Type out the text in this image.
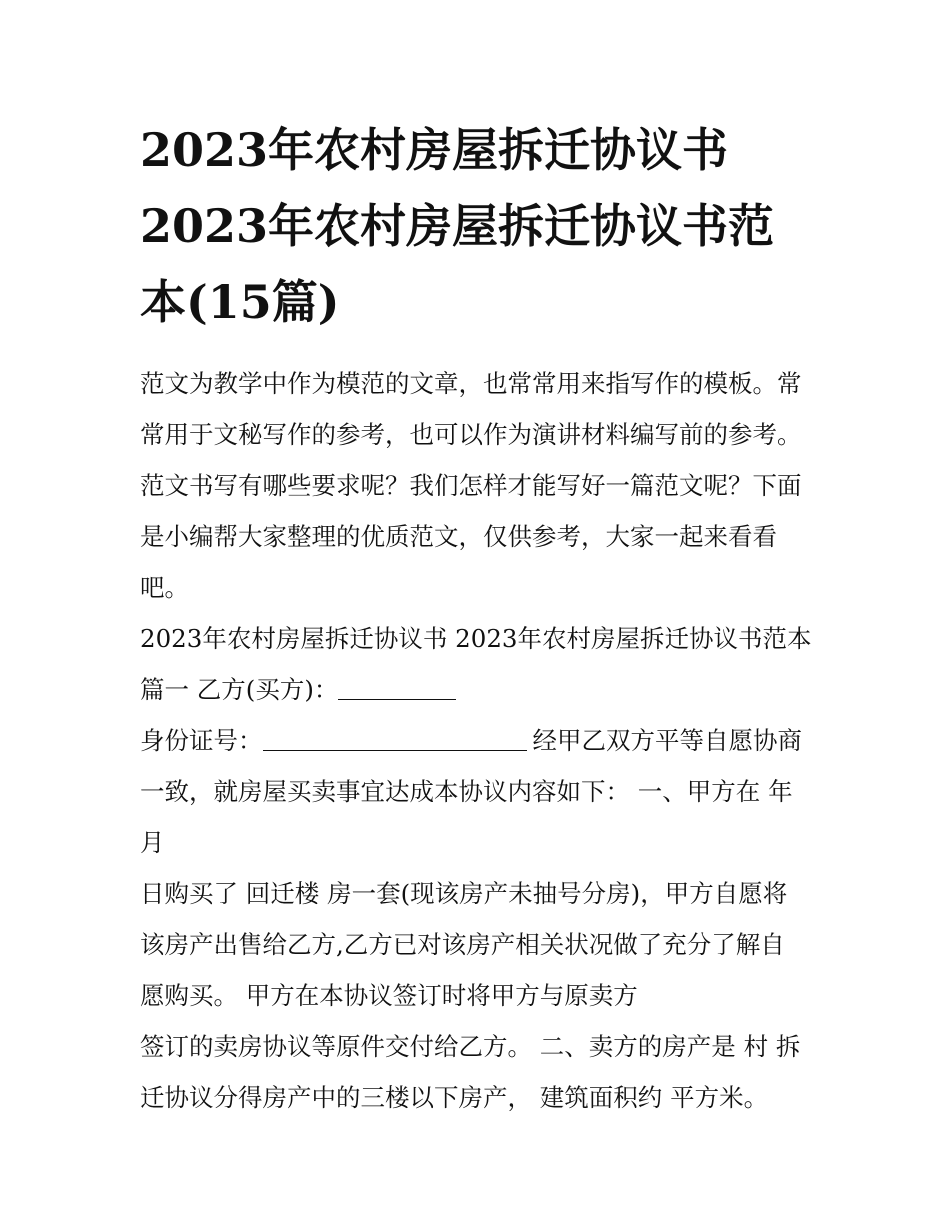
2023年农村房屋拆迁协议书
2023年农村房屋拆迁协议书范
本(15篇)
范文为教学中作为模范的文章，也常常用来指写作的模板。常
常用于文秘写作的参考，也可以作为演讲材料编写前的参考。
范文书写有哪些要求呢？我们怎样才能写好一篇范文呢？下面
是小编帮大家整理的优质范文，仅供参考，大家一起来看看
吧。
2023年农村房屋拆迁协议书 2023年农村房屋拆迁协议书范本
篇一 乙方(买方)：
身份证号：	经甲乙双方平等自愿协商
一致，就房屋买卖事宜达成本协议内容如下： 一、甲方在 年
月
日购买了 回迁楼 房一套(现该房产未抽号分房)，甲方自愿将
该房产出售给乙方,乙方已对该房产相关状况做了充分了解自
愿购买。 甲方在本协议签订时将甲方与原卖方
签订的卖房协议等原件交付给乙方。 二、卖方的房产是 村 拆
迁协议分得房产中的三楼以下房产， 建筑面积约 平方米。
